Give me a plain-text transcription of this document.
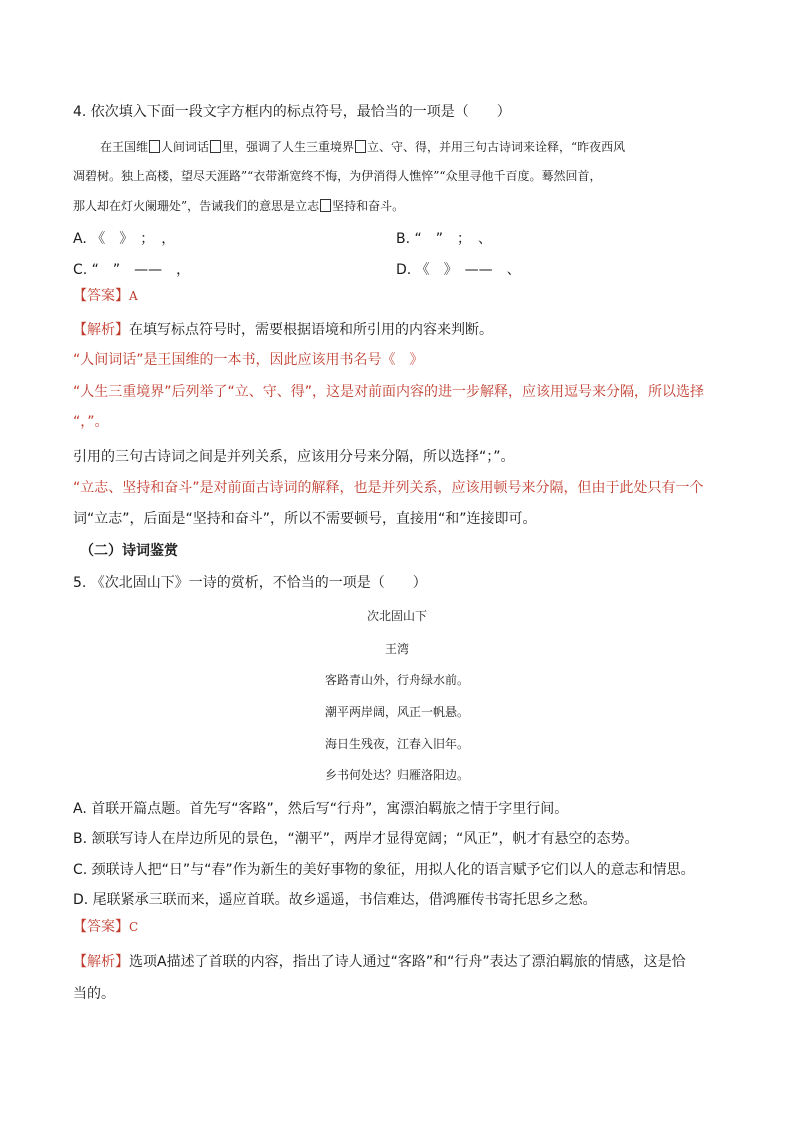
4. 依次填入下面一段文字方框内的标点符号，最恰当的一项是（　　）
在王国维 人间词话 里，强调了人生三重境界 立、守、得，并用三句古诗词来诠释，“昨夜西风
凋碧树。独上高楼，望尽天涯路”“衣带渐宽终不悔，为伊消得人憔悴”“众里寻他千百度。蓦然回首，
那人却在灯火阑珊处”，告诫我们的意思是立志 坚持和奋斗。
A. 《　》　；　，	B. “　”　；　、
C. “　”　——　，	D. 《　》　——　、
【答案】A
【解析】在填写标点符号时，需要根据语境和所引用的内容来判断。
“人间词话”是王国维的一本书，因此应该用书名号《　》
“人生三重境界”后列举了“立、守、得”，这是对前面内容的进一步解释，应该用逗号来分隔，所以选择
“，”。
引用的三句古诗词之间是并列关系，应该用分号来分隔，所以选择“；”。
“立志、坚持和奋斗”是对前面古诗词的解释，也是并列关系，应该用顿号来分隔，但由于此处只有一个
词“立志”，后面是“坚持和奋斗”，所以不需要顿号，直接用“和”连接即可。
（二）诗词鉴赏
5. 《次北固山下》一诗的赏析，不恰当的一项是（　　）
次北固山下
王湾
客路青山外，行舟绿水前。
潮平两岸阔，风正一帆悬。
海日生残夜，江春入旧年。
乡书何处达？归雁洛阳边。
A. 首联开篇点题。首先写“客路”，然后写“行舟”，寓漂泊羁旅之情于字里行间。
B. 颔联写诗人在岸边所见的景色，“潮平”，两岸才显得宽阔；“风正”，帆才有悬空的态势。
C. 颈联诗人把“日”与“春”作为新生的美好事物的象征，用拟人化的语言赋予它们以人的意志和情思。
D. 尾联紧承三联而来，遥应首联。故乡遥遥，书信难达，借鸿雁传书寄托思乡之愁。
【答案】C
【解析】选项A描述了首联的内容，指出了诗人通过“客路”和“行舟”表达了漂泊羁旅的情感，这是恰
当的。
